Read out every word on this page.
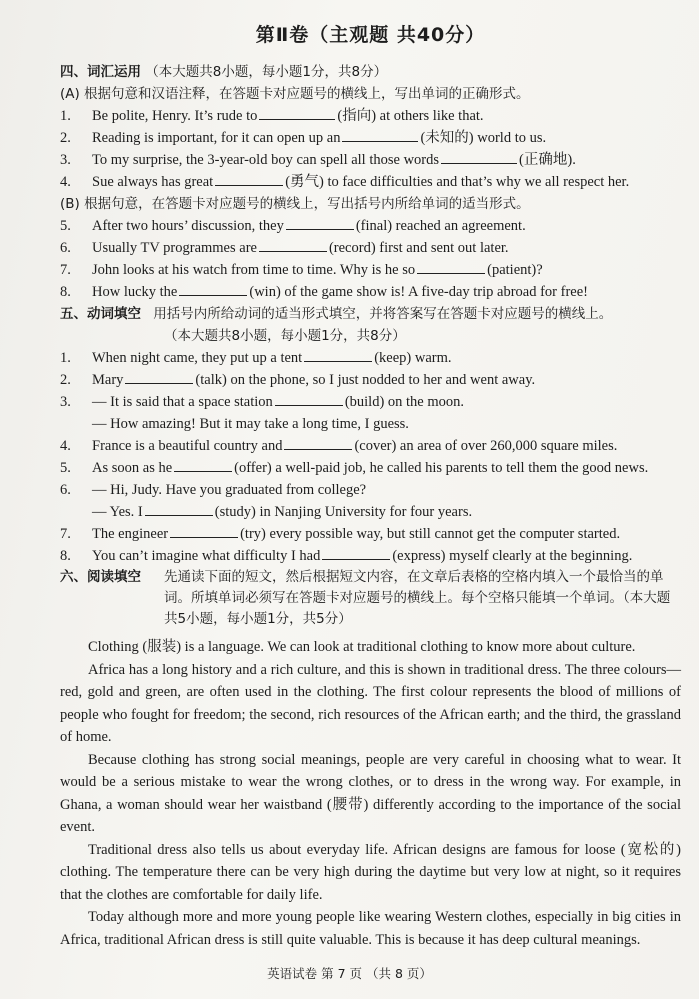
第Ⅱ卷（主观题 共40分）
四、词汇运用 （本大题共8小题，每小题1分，共8分）
(A) 根据句意和汉语注释，在答题卡对应题号的横线上，写出单词的正确形式。
1.	Be polite, Henry. It’s rude to	(指向) at others like that.
2.	Reading is important, for it can open up an	(未知的) world to us.
3.	To my surprise, the 3-year-old boy can spell all those words	(正确地).
4.	Sue always has great	(勇气) to face difficulties and that’s why we all respect her.
(B) 根据句意，在答题卡对应题号的横线上，写出括号内所给单词的适当形式。
5.	After two hours’ discussion, they	(final) reached an agreement.
6.	Usually TV programmes are	(record) first and sent out later.
7.	John looks at his watch from time to time. Why is he so	(patient)?
8.	How lucky the	(win) of the game show is! A five-day trip abroad for free!
五、动词填空 用括号内所给动词的适当形式填空，并将答案写在答题卡对应题号的横线上。
（本大题共8小题，每小题1分，共8分）
1.	When night came, they put up a tent	(keep) warm.
2.	Mary	(talk) on the phone, so I just nodded to her and went away.
3.	— It is said that a space station	(build) on the moon.
— How amazing! But it may take a long time, I guess.
4.	France is a beautiful country and	(cover) an area of over 260,000 square miles.
5.	As soon as he	(offer) a well-paid job, he called his parents to tell them the good news.
6.	— Hi, Judy. Have you graduated from college?
— Yes. I	(study) in Nanjing University for four years.
7.	The engineer	(try) every possible way, but still cannot get the computer started.
8.	You can’t imagine what difficulty I had	(express) myself clearly at the beginning.
六、阅读填空 先通读下面的短文，然后根据短文内容，在文章后表格的空格内填入一个最恰当的单词。所填单词必须写在答题卡对应题号的横线上。每个空格只能填一个单词。（本大题共5小题，每小题1分，共5分）

Clothing (服装) is a language. We can look at traditional clothing to know more about culture.

Africa has a long history and a rich culture, and this is shown in traditional dress. The three colours—red, gold and green, are often used in the clothing. The first colour represents the blood of millions of people who fought for freedom; the second, rich resources of the African earth; and the third, the grassland of home.

Because clothing has strong social meanings, people are very careful in choosing what to wear. It would be a serious mistake to wear the wrong clothes, or to dress in the wrong way. For example, in Ghana, a woman should wear her waistband (腰带) differently according to the importance of the social event.

Traditional dress also tells us about everyday life. African designs are famous for loose (宽松的) clothing. The temperature there can be very high during the daytime but very low at night, so it requires that the clothes are comfortable for daily life.

Today although more and more young people like wearing Western clothes, especially in big cities in Africa, traditional African dress is still quite valuable. This is because it has deep cultural meanings.

英语试卷 第 7 页 （共 8 页）
